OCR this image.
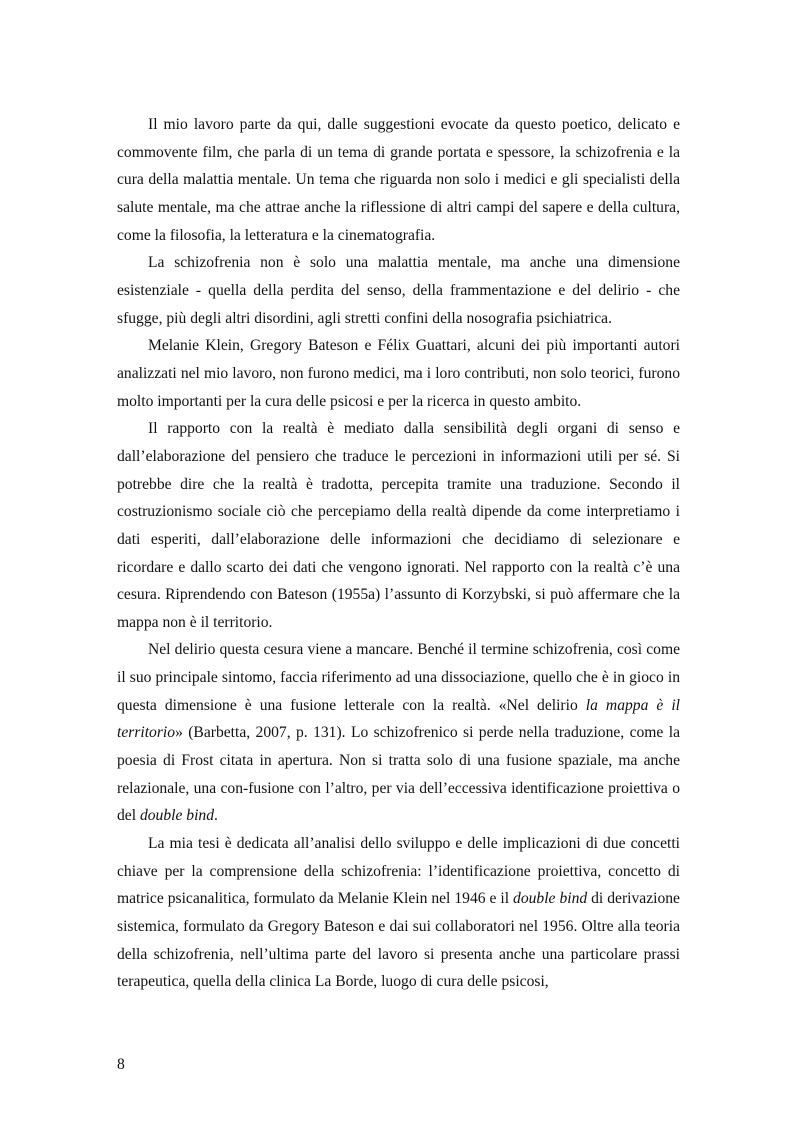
Il mio lavoro parte da qui, dalle suggestioni evocate da questo poetico, delicato e commovente film, che parla di un tema di grande portata e spessore, la schizofrenia e la cura della malattia mentale. Un tema che riguarda non solo i medici e gli specialisti della salute mentale, ma che attrae anche la riflessione di altri campi del sapere e della cultura, come la filosofia, la letteratura e la cinematografia.

La schizofrenia non è solo una malattia mentale, ma anche una dimensione esistenziale - quella della perdita del senso, della frammentazione e del delirio - che sfugge, più degli altri disordini, agli stretti confini della nosografia psichiatrica.

Melanie Klein, Gregory Bateson e Félix Guattari, alcuni dei più importanti autori analizzati nel mio lavoro, non furono medici, ma i loro contributi, non solo teorici, furono molto importanti per la cura delle psicosi e per la ricerca in questo ambito.

Il rapporto con la realtà è mediato dalla sensibilità degli organi di senso e dall’elaborazione del pensiero che traduce le percezioni in informazioni utili per sé. Si potrebbe dire che la realtà è tradotta, percepita tramite una traduzione. Secondo il costruzionismo sociale ciò che percepiamo della realtà dipende da come interpretiamo i dati esperiti, dall’elaborazione delle informazioni che decidiamo di selezionare e ricordare e dallo scarto dei dati che vengono ignorati. Nel rapporto con la realtà c’è una cesura. Riprendendo con Bateson (1955a) l’assunto di Korzybski, si può affermare che la mappa non è il territorio.

Nel delirio questa cesura viene a mancare. Benché il termine schizofrenia, così come il suo principale sintomo, faccia riferimento ad una dissociazione, quello che è in gioco in questa dimensione è una fusione letterale con la realtà. «Nel delirio la mappa è il territorio» (Barbetta, 2007, p. 131). Lo schizofrenico si perde nella traduzione, come la poesia di Frost citata in apertura. Non si tratta solo di una fusione spaziale, ma anche relazionale, una con-fusione con l’altro, per via dell’eccessiva identificazione proiettiva o del double bind.

La mia tesi è dedicata all’analisi dello sviluppo e delle implicazioni di due concetti chiave per la comprensione della schizofrenia: l’identificazione proiettiva, concetto di matrice psicanalitica, formulato da Melanie Klein nel 1946 e il double bind di derivazione sistemica, formulato da Gregory Bateson e dai sui collaboratori nel 1956. Oltre alla teoria della schizofrenia, nell’ultima parte del lavoro si presenta anche una particolare prassi terapeutica, quella della clinica La Borde, luogo di cura delle psicosi,

8
